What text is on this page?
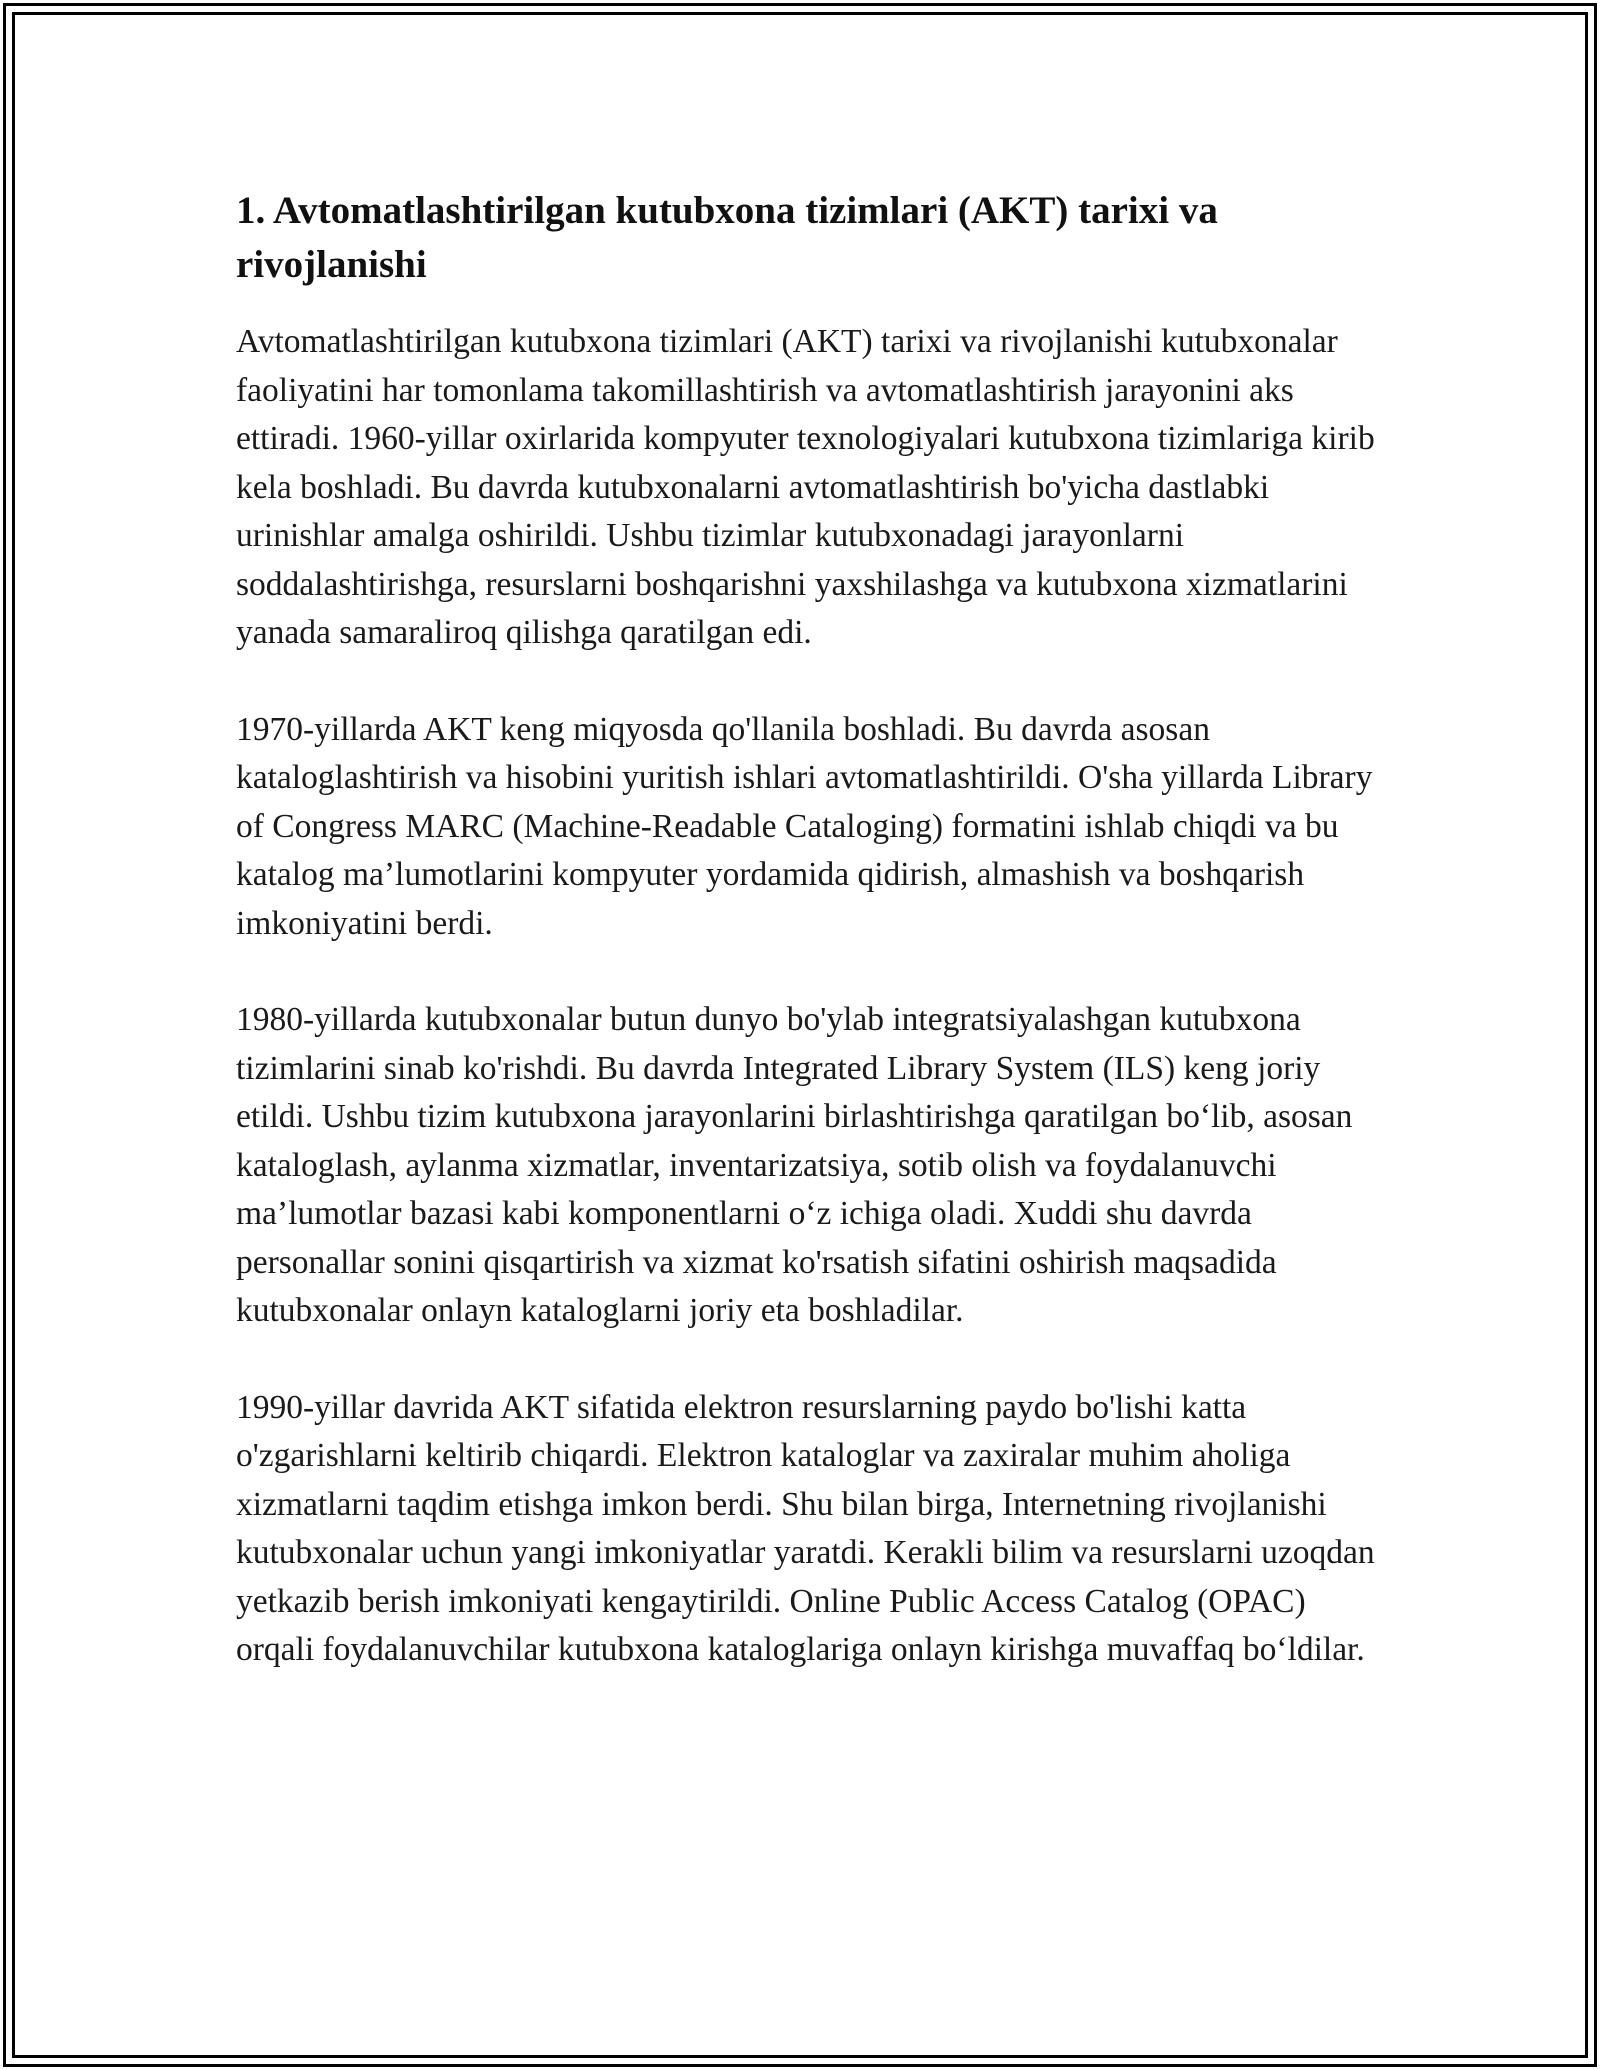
1. Avtomatlashtirilgan kutubxona tizimlari (AKT) tarixi va rivojlanishi

Avtomatlashtirilgan kutubxona tizimlari (AKT) tarixi va rivojlanishi kutubxonalar faoliyatini har tomonlama takomillashtirish va avtomatlashtirish jarayonini aks ettiradi. 1960-yillar oxirlarida kompyuter texnologiyalari kutubxona tizimlariga kirib kela boshladi. Bu davrda kutubxonalarni avtomatlashtirish bo'yicha dastlabki urinishlar amalga oshirildi. Ushbu tizimlar kutubxonadagi jarayonlarni soddalashtirishga, resurslarni boshqarishni yaxshilashga va kutubxona xizmatlarini yanada samaraliroq qilishga qaratilgan edi.

1970-yillarda AKT keng miqyosda qo'llanila boshladi. Bu davrda asosan kataloglashtirish va hisobini yuritish ishlari avtomatlashtirildi. O'sha yillarda Library of Congress MARC (Machine-Readable Cataloging) formatini ishlab chiqdi va bu katalog ma’lumotlarini kompyuter yordamida qidirish, almashish va boshqarish imkoniyatini berdi.

1980-yillarda kutubxonalar butun dunyo bo'ylab integratsiyalashgan kutubxona tizimlarini sinab ko'rishdi. Bu davrda Integrated Library System (ILS) keng joriy etildi. Ushbu tizim kutubxona jarayonlarini birlashtirishga qaratilgan bo‘lib, asosan kataloglash, aylanma xizmatlar, inventarizatsiya, sotib olish va foydalanuvchi ma’lumotlar bazasi kabi komponentlarni o‘z ichiga oladi. Xuddi shu davrda personallar sonini qisqartirish va xizmat ko'rsatish sifatini oshirish maqsadida kutubxonalar onlayn kataloglarni joriy eta boshladilar.

1990-yillar davrida AKT sifatida elektron resurslarning paydo bo'lishi katta o'zgarishlarni keltirib chiqardi. Elektron kataloglar va zaxiralar muhim aholiga xizmatlarni taqdim etishga imkon berdi. Shu bilan birga, Internetning rivojlanishi kutubxonalar uchun yangi imkoniyatlar yaratdi. Kerakli bilim va resurslarni uzoqdan yetkazib berish imkoniyati kengaytirildi. Online Public Access Catalog (OPAC) orqali foydalanuvchilar kutubxona kataloglariga onlayn kirishga muvaffaq bo‘ldilar.
